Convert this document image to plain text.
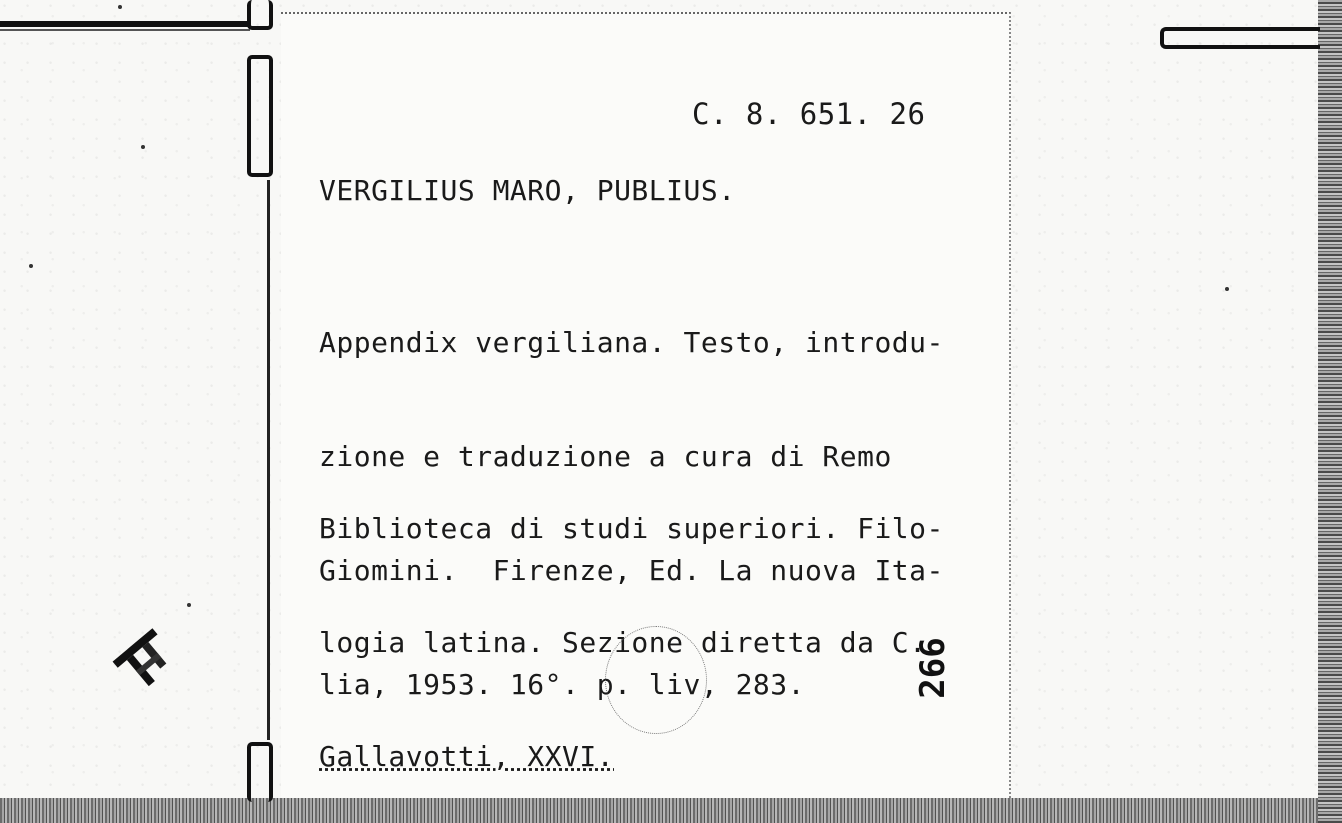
C. 8. 651. 26
VERGILIUS MARO, PUBLIUS.

Appendix vergiliana. Testo, introdu-

zione e traduzione a cura di Remo

Giomini.  Firenze, Ed. La nuova Ita-

lia, 1953. 16°. p. liv, 283.

Biblioteca di studi superiori. Filo-

logia latina. Sezione diretta da C.

Gallavotti, XXVI.

266
